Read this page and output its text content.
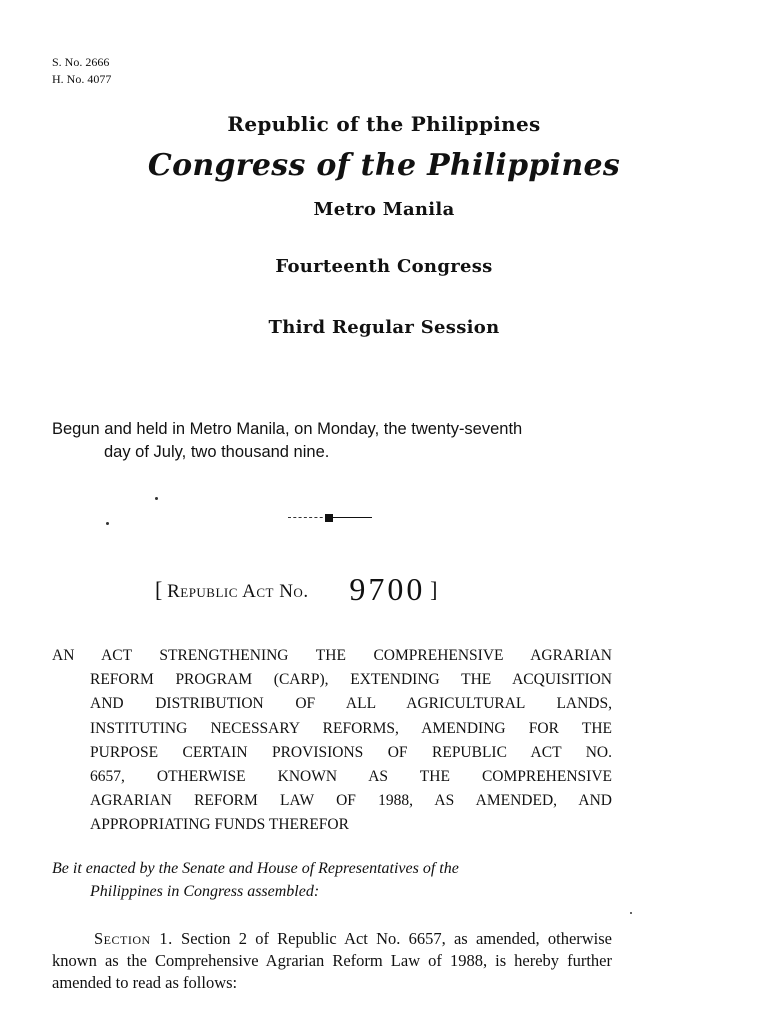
S. No. 2666
H. No. 4077
Republic of the Philippines
Congress of the Philippines
Metro Manila
Fourteenth Congress
Third Regular Session
Begun and held in Metro Manila, on Monday, the twenty-seventh
day of July, two thousand nine.
[ Republic Act No. 9700 ]
AN ACT STRENGTHENING THE COMPREHENSIVE AGRARIAN
REFORM PROGRAM (CARP), EXTENDING THE ACQUISITION
AND DISTRIBUTION OF ALL AGRICULTURAL LANDS,
INSTITUTING NECESSARY REFORMS, AMENDING FOR THE
PURPOSE CERTAIN PROVISIONS OF REPUBLIC ACT NO.
6657, OTHERWISE KNOWN AS THE COMPREHENSIVE
AGRARIAN REFORM LAW OF 1988, AS AMENDED, AND
APPROPRIATING FUNDS THEREFOR
Be it enacted by the Senate and House of Representatives of the
Philippines in Congress assembled:
Section 1. Section 2 of Republic Act No. 6657, as amended, otherwise known as the Comprehensive Agrarian Reform Law of 1988, is hereby further amended to read as follows:
